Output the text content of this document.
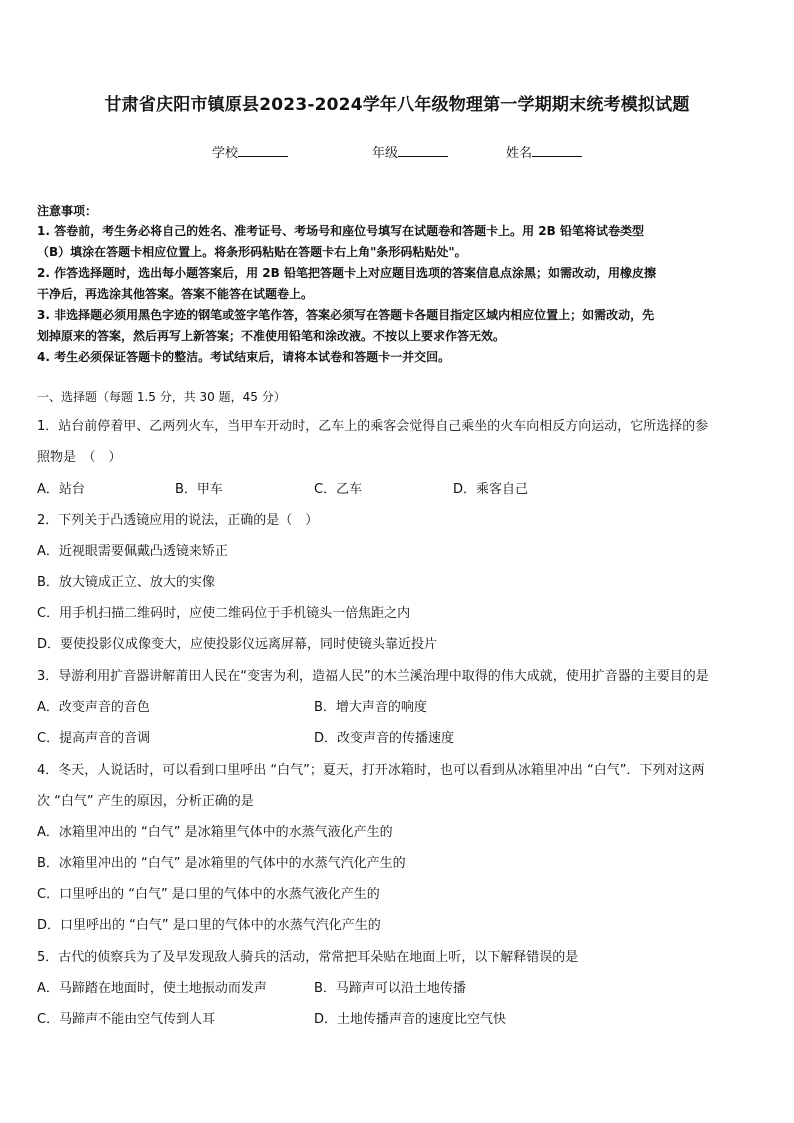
甘肃省庆阳市镇原县2023-2024学年八年级物理第一学期期末统考模拟试题
学校	年级	姓名
注意事项：
1. 答卷前，考生务必将自己的姓名、准考证号、考场号和座位号填写在试题卷和答题卡上。用 2B 铅笔将试卷类型
（B）填涂在答题卡相应位置上。将条形码粘贴在答题卡右上角"条形码粘贴处"。
2. 作答选择题时，选出每小题答案后，用 2B 铅笔把答题卡上对应题目选项的答案信息点涂黑；如需改动，用橡皮擦
干净后，再选涂其他答案。答案不能答在试题卷上。
3. 非选择题必须用黑色字迹的钢笔或签字笔作答，答案必须写在答题卡各题目指定区域内相应位置上；如需改动，先
划掉原来的答案，然后再写上新答案；不准使用铅笔和涂改液。不按以上要求作答无效。
4. 考生必须保证答题卡的整洁。考试结束后，请将本试卷和答题卡一并交回。
一、选择题（每题 1.5 分，共 30 题，45 分）
1．站台前停着甲、乙两列火车，当甲车开动时，乙车上的乘客会觉得自己乘坐的火车向相反方向运动，它所选择的参
照物是　（　）
A．站台	B．甲车	C．乙车	D．乘客自己
2．下列关于凸透镜应用的说法，正确的是（　）
A．近视眼需要佩戴凸透镜来矫正
B．放大镜成正立、放大的实像
C．用手机扫描二维码时，应使二维码位于手机镜头一倍焦距之内
D．要使投影仪成像变大，应使投影仪远离屏幕，同时使镜头靠近投片
3．导游利用扩音器讲解莆田人民在“变害为利，造福人民”的木兰溪治理中取得的伟大成就，使用扩音器的主要目的是
A．改变声音的音色	B．增大声音的响度
C．提高声音的音调	D．改变声音的传播速度
4．冬天，人说话时，可以看到口里呼出 “白气”；夏天，打开冰箱时，也可以看到从冰箱里冲出 “白气”．下列对这两
次 “白气” 产生的原因，分析正确的是
A．冰箱里冲出的 “白气” 是冰箱里气体中的水蒸气液化产生的
B．冰箱里冲出的 “白气” 是冰箱里的气体中的水蒸气汽化产生的
C．口里呼出的 “白气” 是口里的气体中的水蒸气液化产生的
D．口里呼出的 “白气” 是口里的气体中的水蒸气汽化产生的
5．古代的侦察兵为了及早发现敌人骑兵的活动，常常把耳朵贴在地面上听，以下解释错误的是
A．马蹄踏在地面时，使土地振动而发声	B．马蹄声可以沿土地传播
C．马蹄声不能由空气传到人耳	D．土地传播声音的速度比空气快
